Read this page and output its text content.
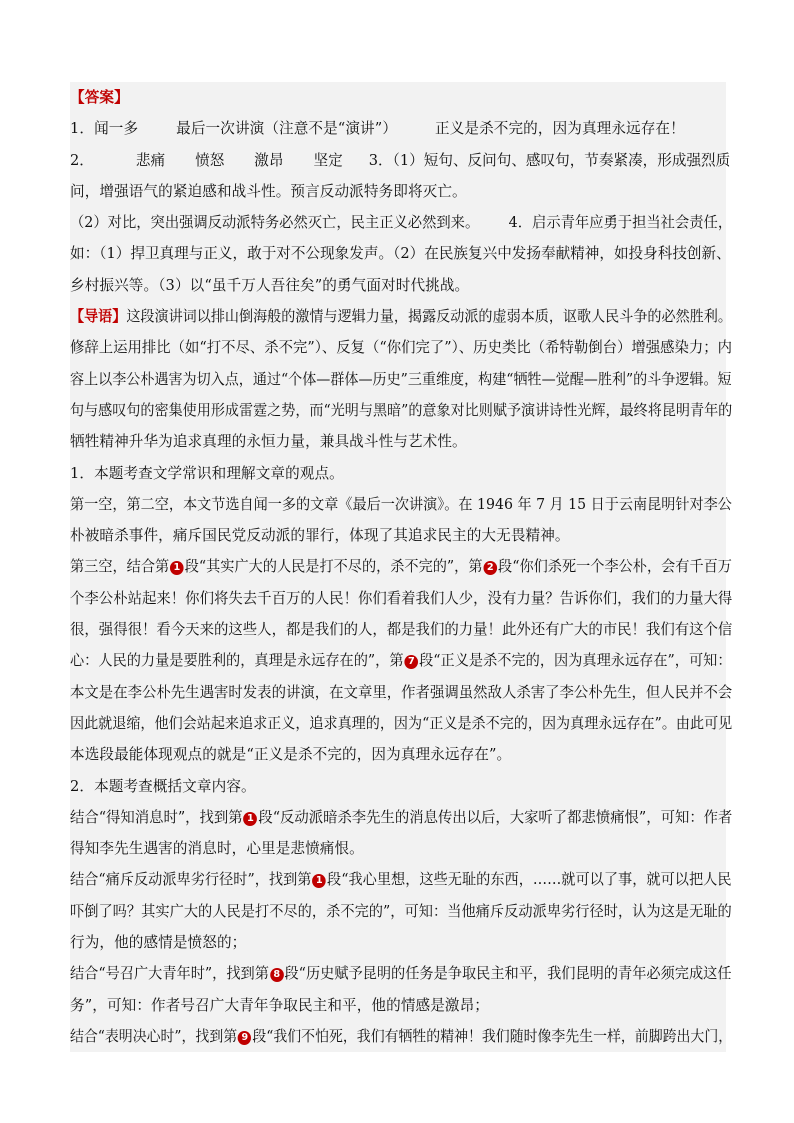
【答案】
1．闻一多	最后一次讲演（注意不是“演讲”）	正义是杀不完的，因为真理永远存在！
2．	悲痛 愤怒 激昂 坚定 3．（1）短句、反问句、感叹句，节奏紧凑，形成强烈质
问，增强语气的紧迫感和战斗性。预言反动派特务即将灭亡。
（2）对比，突出强调反动派特务必然灭亡，民主正义必然到来。 4．启示青年应勇于担当社会责任，
如：（1）捍卫真理与正义，敢于对不公现象发声。（2）在民族复兴中发扬奉献精神，如投身科技创新、
乡村振兴等。（3）以“虽千万人吾往矣”的勇气面对时代挑战。
【导语】这段演讲词以排山倒海般的激情与逻辑力量，揭露反动派的虚弱本质，讴歌人民斗争的必然胜利。
修辞上运用排比（如“打不尽、杀不完”）、反复（“你们完了”）、历史类比（希特勒倒台）增强感染力；内
容上以李公朴遇害为切入点，通过“个体—群体—历史”三重维度，构建“牺牲—觉醒—胜利”的斗争逻辑。短
句与感叹句的密集使用形成雷霆之势，而“光明与黑暗”的意象对比则赋予演讲诗性光辉，最终将昆明青年的
牺牲精神升华为追求真理的永恒力量，兼具战斗性与艺术性。
1．本题考查文学常识和理解文章的观点。
第一空，第二空，本文节选自闻一多的文章《最后一次讲演》。在 1946 年 7 月 15 日于云南昆明针对李公
朴被暗杀事件，痛斥国民党反动派的罪行，体现了其追求民主的大无畏精神。
第三空，结合第 1 段“其实广大的人民是打不尽的，杀不完的”，第 2 段“你们杀死一个李公朴，会有千百万
个李公朴站起来！你们将失去千百万的人民！你们看着我们人少，没有力量？告诉你们，我们的力量大得
很，强得很！看今天来的这些人，都是我们的人，都是我们的力量！此外还有广大的市民！我们有这个信
心：人民的力量是要胜利的，真理是永远存在的”，第 7 段“正义是杀不完的，因为真理永远存在”，可知：
本文是在李公朴先生遇害时发表的讲演，在文章里，作者强调虽然敌人杀害了李公朴先生，但人民并不会
因此就退缩，他们会站起来追求正义，追求真理的，因为“正义是杀不完的，因为真理永远存在”。由此可见
本选段最能体现观点的就是“正义是杀不完的，因为真理永远存在”。
2．本题考查概括文章内容。
结合“得知消息时”，找到第 1 段“反动派暗杀李先生的消息传出以后，大家听了都悲愤痛恨”，可知：作者
得知李先生遇害的消息时，心里是悲愤痛恨。
结合“痛斥反动派卑劣行径时”，找到第 1 段“我心里想，这些无耻的东西，……就可以了事，就可以把人民
吓倒了吗？其实广大的人民是打不尽的，杀不完的”，可知：当他痛斥反动派卑劣行径时，认为这是无耻的
行为，他的感情是愤怒的；
结合“号召广大青年时”，找到第 8 段“历史赋予昆明的任务是争取民主和平，我们昆明的青年必须完成这任
务”，可知：作者号召广大青年争取民主和平，他的情感是激昂；
结合“表明决心时”，找到第 9 段“我们不怕死，我们有牺牲的精神！我们随时像李先生一样，前脚跨出大门，
